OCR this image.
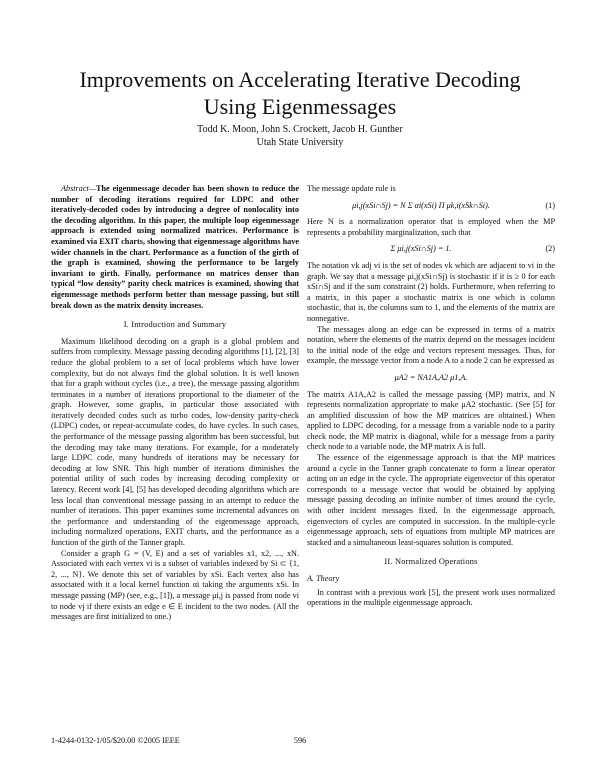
Improvements on Accelerating Iterative Decoding
Using Eigenmessages
Todd K. Moon, John S. Crockett, Jacob H. Gunther
Utah State University

Abstract—The eigenmessage decoder has been shown to reduce the number of decoding iterations required for LDPC and other iteratively-decoded codes by introducing a degree of nonlocality into the decoding algorithm. In this paper, the multiple loop eigenmessage approach is extended using normalized matrices. Performance is examined via EXIT charts, showing that eigenmessage algorithms have wider channels in the chart. Performance as a function of the girth of the graph is examined, showing the performance to be largely invariant to girth. Finally, performance on matrices denser than typical “low density” parity check matrices is examined, showing that eigenmessage methods perform better than message passing, but still break down as the matrix density increases.

I. Introduction and Summary

Maximum likelihood decoding on a graph is a global problem and suffers from complexity. Message passing decoding algorithms [1], [2], [3] reduce the global problem to a set of local problems which have lower complexity, but do not always find the global solution. It is well known that for a graph without cycles (i.e., a tree), the message passing algorithm terminates in a number of iterations proportional to the diameter of the graph. However, some graphs, in particular those associated with iteratively decoded codes such as turbo codes, low-density parity-check (LDPC) codes, or repeat-accumulate codes, do have cycles. In such cases, the performance of the message passing algorithm has been successful, but the decoding may take many iterations. For example, for a moderately large LDPC code, many hundreds of iterations may be necessary for decoding at low SNR. This high number of iterations diminishes the potential utility of such codes by increasing decoding complexity or latency. Recent work [4], [5] has developed decoding algorithms which are less local than conventional message passing in an attempt to reduce the number of iterations. This paper examines some incremental advances on the performance and understanding of the eigenmessage approach, including normalized operations, EXIT charts, and the performance as a function of the girth of the Tanner graph.

Consider a graph G = (V, E) and a set of variables x1, x2, ..., xN. Associated with each vertex vi is a subset of variables indexed by Si ⊂ {1, 2, ..., N}. We denote this set of variables by xSi. Each vertex also has associated with it a local kernel function αi taking the arguments xSi. In message passing (MP) (see, e.g., [1]), a message μi,j is passed from node vi to node vj if there exists an edge e ∈ E incident to the two nodes. (All the messages are first initialized to one.)

The message update rule is

μi,j(xSi∩Sj) = N Σ αi(xSi) Π μk,i(xSk∩Si).	(1)

Here N is a normalization operator that is employed when the MP represents a probability marginalization, such that

Σ μi,j(xSi∩Sj) = 1.	(2)

The notation vk adj vi is the set of nodes vk which are adjacent to vi in the graph. We say that a message μi,j(xSi∩Sj) is stochastic if it is ≥ 0 for each xSi∩Sj and if the sum constraint (2) holds. Furthermore, when referring to a matrix, in this paper a stochastic matrix is one which is column stochastic, that is, the columns sum to 1, and the elements of the matrix are nonnegative.

The messages along an edge can be expressed in terms of a matrix notation, where the elements of the matrix depend on the messages incident to the initial node of the edge and vectors represent messages. Thus, for example, the message vector from a node A to a node 2 can be expressed as

μA2 = NA1A,A2 μ1,A.

The matrix A1A,A2 is called the message passing (MP) matrix, and N represents normalization appropriate to make μA2 stochastic. (See [5] for an amplified discussion of how the MP matrices are obtained.) When applied to LDPC decoding, for a message from a variable node to a parity check node, the MP matrix is diagonal, while for a message from a parity check node to a variable node, the MP matrix A is full.

The essence of the eigenmessage approach is that the MP matrices around a cycle in the Tanner graph concatenate to form a linear operator acting on an edge in the cycle. The appropriate eigenvector of this operator corresponds to a message vector that would be obtained by applying message passing decoding an infinite number of times around the cycle, with other incident messages fixed. In the eigenmessage approach, eigenvectors of cycles are computed in succession. In the multiple-cycle eigenmessage approach, sets of equations from multiple MP matrices are stacked and a simultaneous least-squares solution is computed.

II. Normalized Operations
A. Theory

In contrast with a previous work [5], the present work uses normalized operations in the multiple eigenmessage approach.

1-4244-0132-1/05/$20.00 ©2005 IEEE	596
